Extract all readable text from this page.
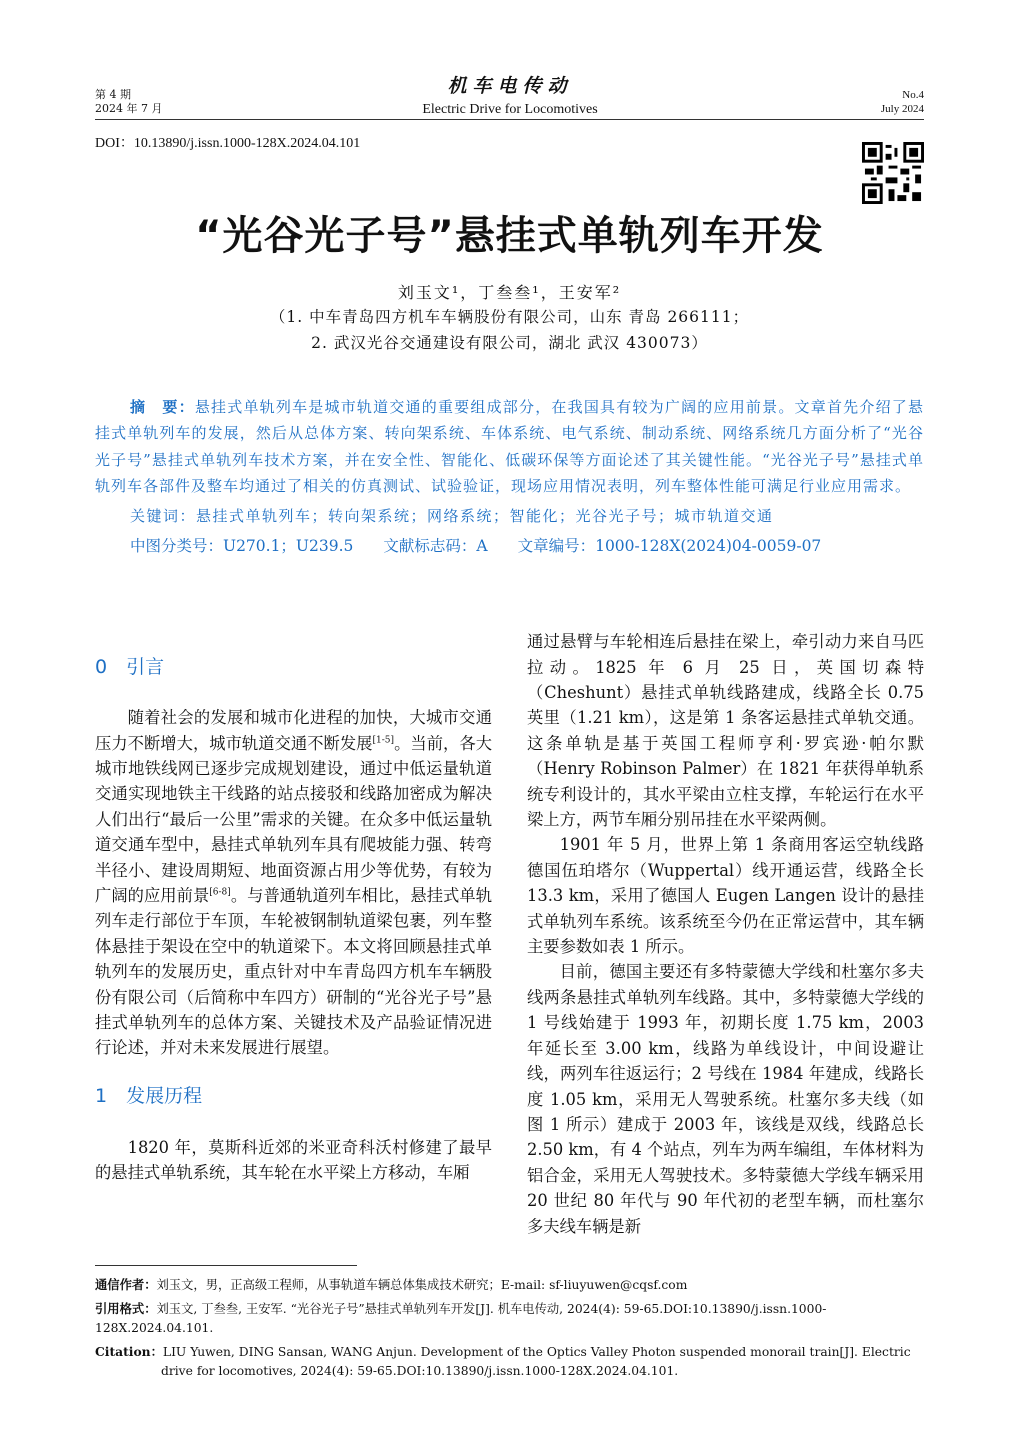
第 4 期
2024 年 7 月
机车电传动
Electric Drive for Locomotives
No.4
July 2024
DOI：10.13890/j.issn.1000-128X.2024.04.101
“光谷光子号”悬挂式单轨列车开发
刘玉文¹，丁叁叁¹，王安军²
（1. 中车青岛四方机车车辆股份有限公司，山东 青岛 266111；
2. 武汉光谷交通建设有限公司，湖北 武汉 430073）
摘　要：悬挂式单轨列车是城市轨道交通的重要组成部分，在我国具有较为广阔的应用前景。文章首先介绍了悬挂式单轨列车的发展，然后从总体方案、转向架系统、车体系统、电气系统、制动系统、网络系统几方面分析了“光谷光子号”悬挂式单轨列车技术方案，并在安全性、智能化、低碳环保等方面论述了其关键性能。“光谷光子号”悬挂式单轨列车各部件及整车均通过了相关的仿真测试、试验验证，现场应用情况表明，列车整体性能可满足行业应用需求。
关键词：悬挂式单轨列车；转向架系统；网络系统；智能化；光谷光子号；城市轨道交通
中图分类号：U270.1；U239.5 文献标志码：A 文章编号：1000-128X(2024)04-0059-07
0　引言

随着社会的发展和城市化进程的加快，大城市交通压力不断增大，城市轨道交通不断发展[1-5]。当前，各大城市地铁线网已逐步完成规划建设，通过中低运量轨道交通实现地铁主干线路的站点接驳和线路加密成为解决人们出行“最后一公里”需求的关键。在众多中低运量轨道交通车型中，悬挂式单轨列车具有爬坡能力强、转弯半径小、建设周期短、地面资源占用少等优势，有较为广阔的应用前景[6-8]。与普通轨道列车相比，悬挂式单轨列车走行部位于车顶，车轮被钢制轨道梁包裹，列车整体悬挂于架设在空中的轨道梁下。本文将回顾悬挂式单轨列车的发展历史，重点针对中车青岛四方机车车辆股份有限公司（后简称中车四方）研制的“光谷光子号”悬挂式单轨列车的总体方案、关键技术及产品验证情况进行论述，并对未来发展进行展望。

1　发展历程

1820 年，莫斯科近郊的米亚奇科沃村修建了最早的悬挂式单轨系统，其车轮在水平梁上方移动，车厢

通过悬臂与车轮相连后悬挂在梁上，牵引动力来自马匹拉动。1825 年 6 月 25 日，英国切森特（Cheshunt）悬挂式单轨线路建成，线路全长 0.75 英里（1.21 km），这是第 1 条客运悬挂式单轨交通。这条单轨是基于英国工程师亨利·罗宾逊·帕尔默（Henry Robinson Palmer）在 1821 年获得单轨系统专利设计的，其水平梁由立柱支撑，车轮运行在水平梁上方，两节车厢分别吊挂在水平梁两侧。

1901 年 5 月，世界上第 1 条商用客运空轨线路德国伍珀塔尔（Wuppertal）线开通运营，线路全长 13.3 km，采用了德国人 Eugen Langen 设计的悬挂式单轨列车系统。该系统至今仍在正常运营中，其车辆主要参数如表 1 所示。

目前，德国主要还有多特蒙德大学线和杜塞尔多夫线两条悬挂式单轨列车线路。其中，多特蒙德大学线的 1 号线始建于 1993 年，初期长度 1.75 km，2003 年延长至 3.00 km，线路为单线设计，中间设避让线，两列车往返运行；2 号线在 1984 年建成，线路长度 1.05 km，采用无人驾驶系统。杜塞尔多夫线（如图 1 所示）建成于 2003 年，该线是双线，线路总长 2.50 km，有 4 个站点，列车为两车编组，车体材料为铝合金，采用无人驾驶技术。多特蒙德大学线车辆采用 20 世纪 80 年代与 90 年代初的老型车辆，而杜塞尔多夫线车辆是新

通信作者：刘玉文，男，正高级工程师，从事轨道车辆总体集成技术研究；E-mail: sf-liuyuwen@cqsf.com
引用格式：刘玉文, 丁叁叁, 王安军. “光谷光子号”悬挂式单轨列车开发[J]. 机车电传动, 2024(4): 59-65.DOI:10.13890/j.issn.1000-128X.2024.04.101.
Citation：LIU Yuwen, DING Sansan, WANG Anjun. Development of the Optics Valley Photon suspended monorail train[J]. Electric drive for locomotives, 2024(4): 59-65.DOI:10.13890/j.issn.1000-128X.2024.04.101.
